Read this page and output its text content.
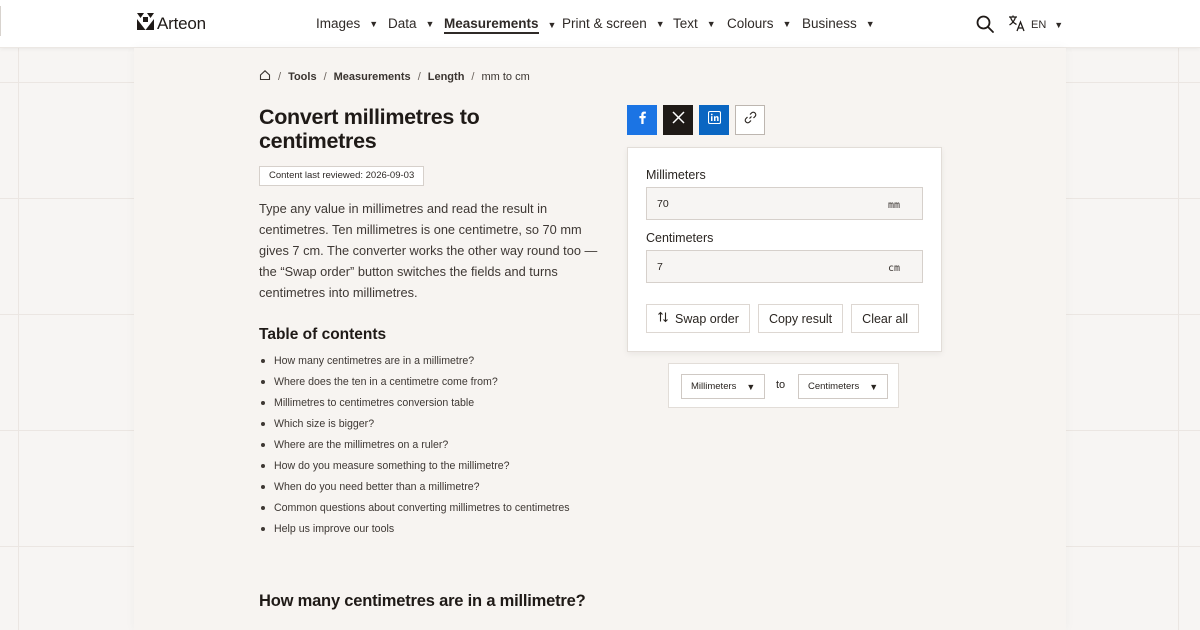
Arteon	Images ▼ Data ▼ Measurements ▼ Print & screen ▼ Text ▼ Colours ▼ Business ▼	EN ▼
/ Tools / Measurements / Length / mm to cm
Convert millimetres to centimetres
Content last reviewed: 2026-09-03

Type any value in millimetres and read the result in centimetres. Ten millimetres is one centimetre, so 70 mm gives 7 cm. The converter works the other way round too — the “Swap order” button switches the fields and turns centimetres into millimetres.

Table of contents
How many centimetres are in a millimetre?
Where does the ten in a centimetre come from?
Millimetres to centimetres conversion table
Which size is bigger?
Where are the millimetres on a ruler?
How do you measure something to the millimetre?
When do you need better than a millimetre?
Common questions about converting millimetres to centimetres
Help us improve our tools
How many centimetres are in a millimetre?
Millimeters
70
mm
Centimeters
7
cm
Swap order	Copy result	Clear all
Millimeters ▼ to Centimeters ▼
